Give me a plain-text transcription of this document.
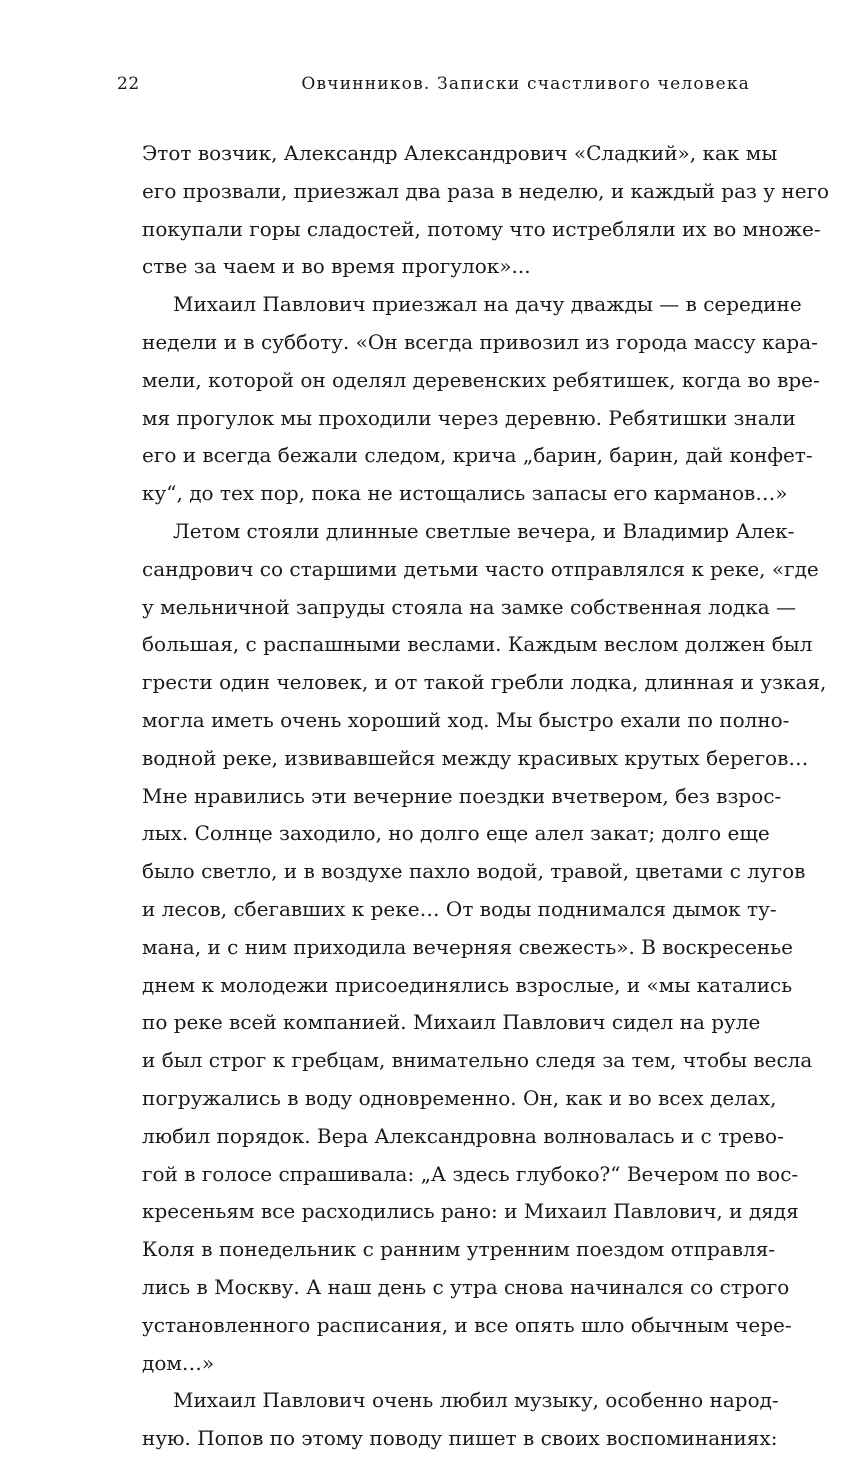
22	Овчинников. Записки счастливого человека
Этот возчик, Александр Александрович «Сладкий», как мы
его прозвали, приезжал два раза в неделю, и каждый раз у него
покупали горы сладостей, потому что истребляли их во множе-
стве за чаем и во время прогулок»...
Михаил Павлович приезжал на дачу дважды — в середине
недели и в субботу. «Он всегда привозил из города массу кара-
мели, которой он оделял деревенских ребятишек, когда во вре-
мя прогулок мы проходили через деревню. Ребятишки знали
его и всегда бежали следом, крича „барин, барин, дай конфет-
ку“, до тех пор, пока не истощались запасы его карманов…»
Летом стояли длинные светлые вечера, и Владимир Алек-
сандрович со старшими детьми часто отправлялся к реке, «где
у мельничной запруды стояла на замке собственная лодка —
большая, с распашными веслами. Каждым веслом должен был
грести один человек, и от такой гребли лодка, длинная и узкая,
могла иметь очень хороший ход. Мы быстро ехали по полно-
водной реке, извивавшейся между красивых крутых берегов…
Мне нравились эти вечерние поездки вчетвером, без взрос-
лых. Солнце заходило, но долго еще алел закат; долго еще
было светло, и в воздухе пахло водой, травой, цветами с лугов
и лесов, сбегавших к реке… От воды поднимался дымок ту-
мана, и с ним приходила вечерняя свежесть». В воскресенье
днем к молодежи присоединялись взрослые, и «мы катались
по реке всей компанией. Михаил Павлович сидел на руле
и был строг к гребцам, внимательно следя за тем, чтобы весла
погружались в воду одновременно. Он, как и во всех делах,
любил порядок. Вера Александровна волновалась и с трево-
гой в голосе спрашивала: „А здесь глубоко?“ Вечером по вос-
кресеньям все расходились рано: и Михаил Павлович, и дядя
Коля в понедельник с ранним утренним поездом отправля-
лись в Москву. А наш день с утра снова начинался со строго
установленного расписания, и все опять шло обычным чере-
дом…»
Михаил Павлович очень любил музыку, особенно народ-
ную. Попов по этому поводу пишет в своих воспоминаниях:
